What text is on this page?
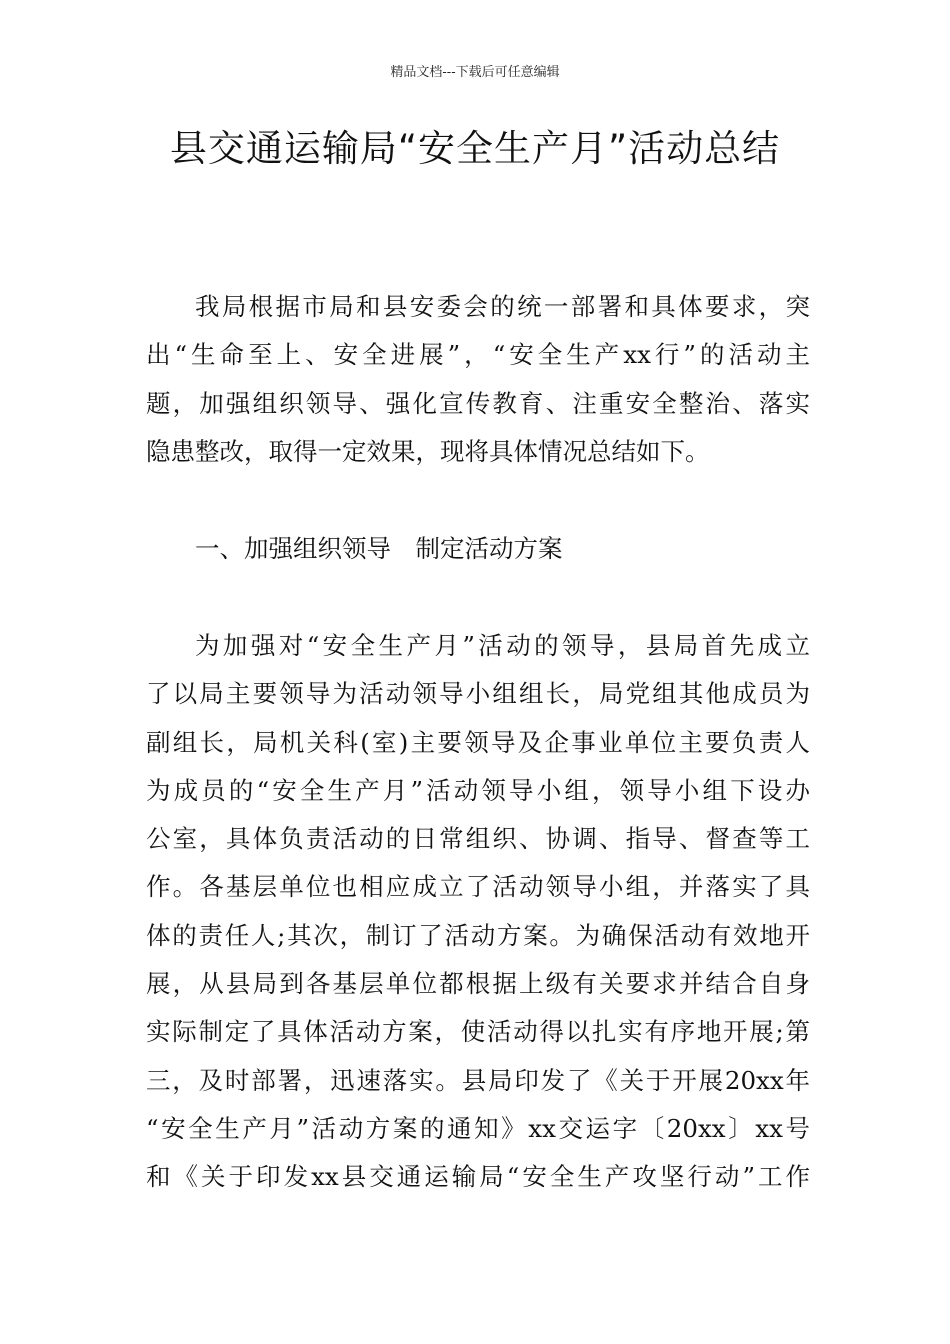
精品文档---下载后可任意编辑
县交通运输局“安全生产月”活动总结
我局根据市局和县安委会的统一部署和具体要求，突
出“生命至上、安全进展”，“安全生产xx行”的活动主
题，加强组织领导、强化宣传教育、注重安全整治、落实
隐患整改，取得一定效果，现将具体情况总结如下。
一、加强组织领导　制定活动方案
为加强对“安全生产月”活动的领导，县局首先成立
了以局主要领导为活动领导小组组长，局党组其他成员为
副组长，局机关科(室)主要领导及企事业单位主要负责人
为成员的“安全生产月”活动领导小组，领导小组下设办
公室，具体负责活动的日常组织、协调、指导、督查等工
作。各基层单位也相应成立了活动领导小组，并落实了具
体的责任人;其次，制订了活动方案。为确保活动有效地开
展，从县局到各基层单位都根据上级有关要求并结合自身
实际制定了具体活动方案，使活动得以扎实有序地开展;第
三，及时部署，迅速落实。县局印发了《关于开展20xx年
“安全生产月”活动方案的通知》xx交运字〔20xx〕xx号
和《关于印发xx县交通运输局“安全生产攻坚行动”工作
